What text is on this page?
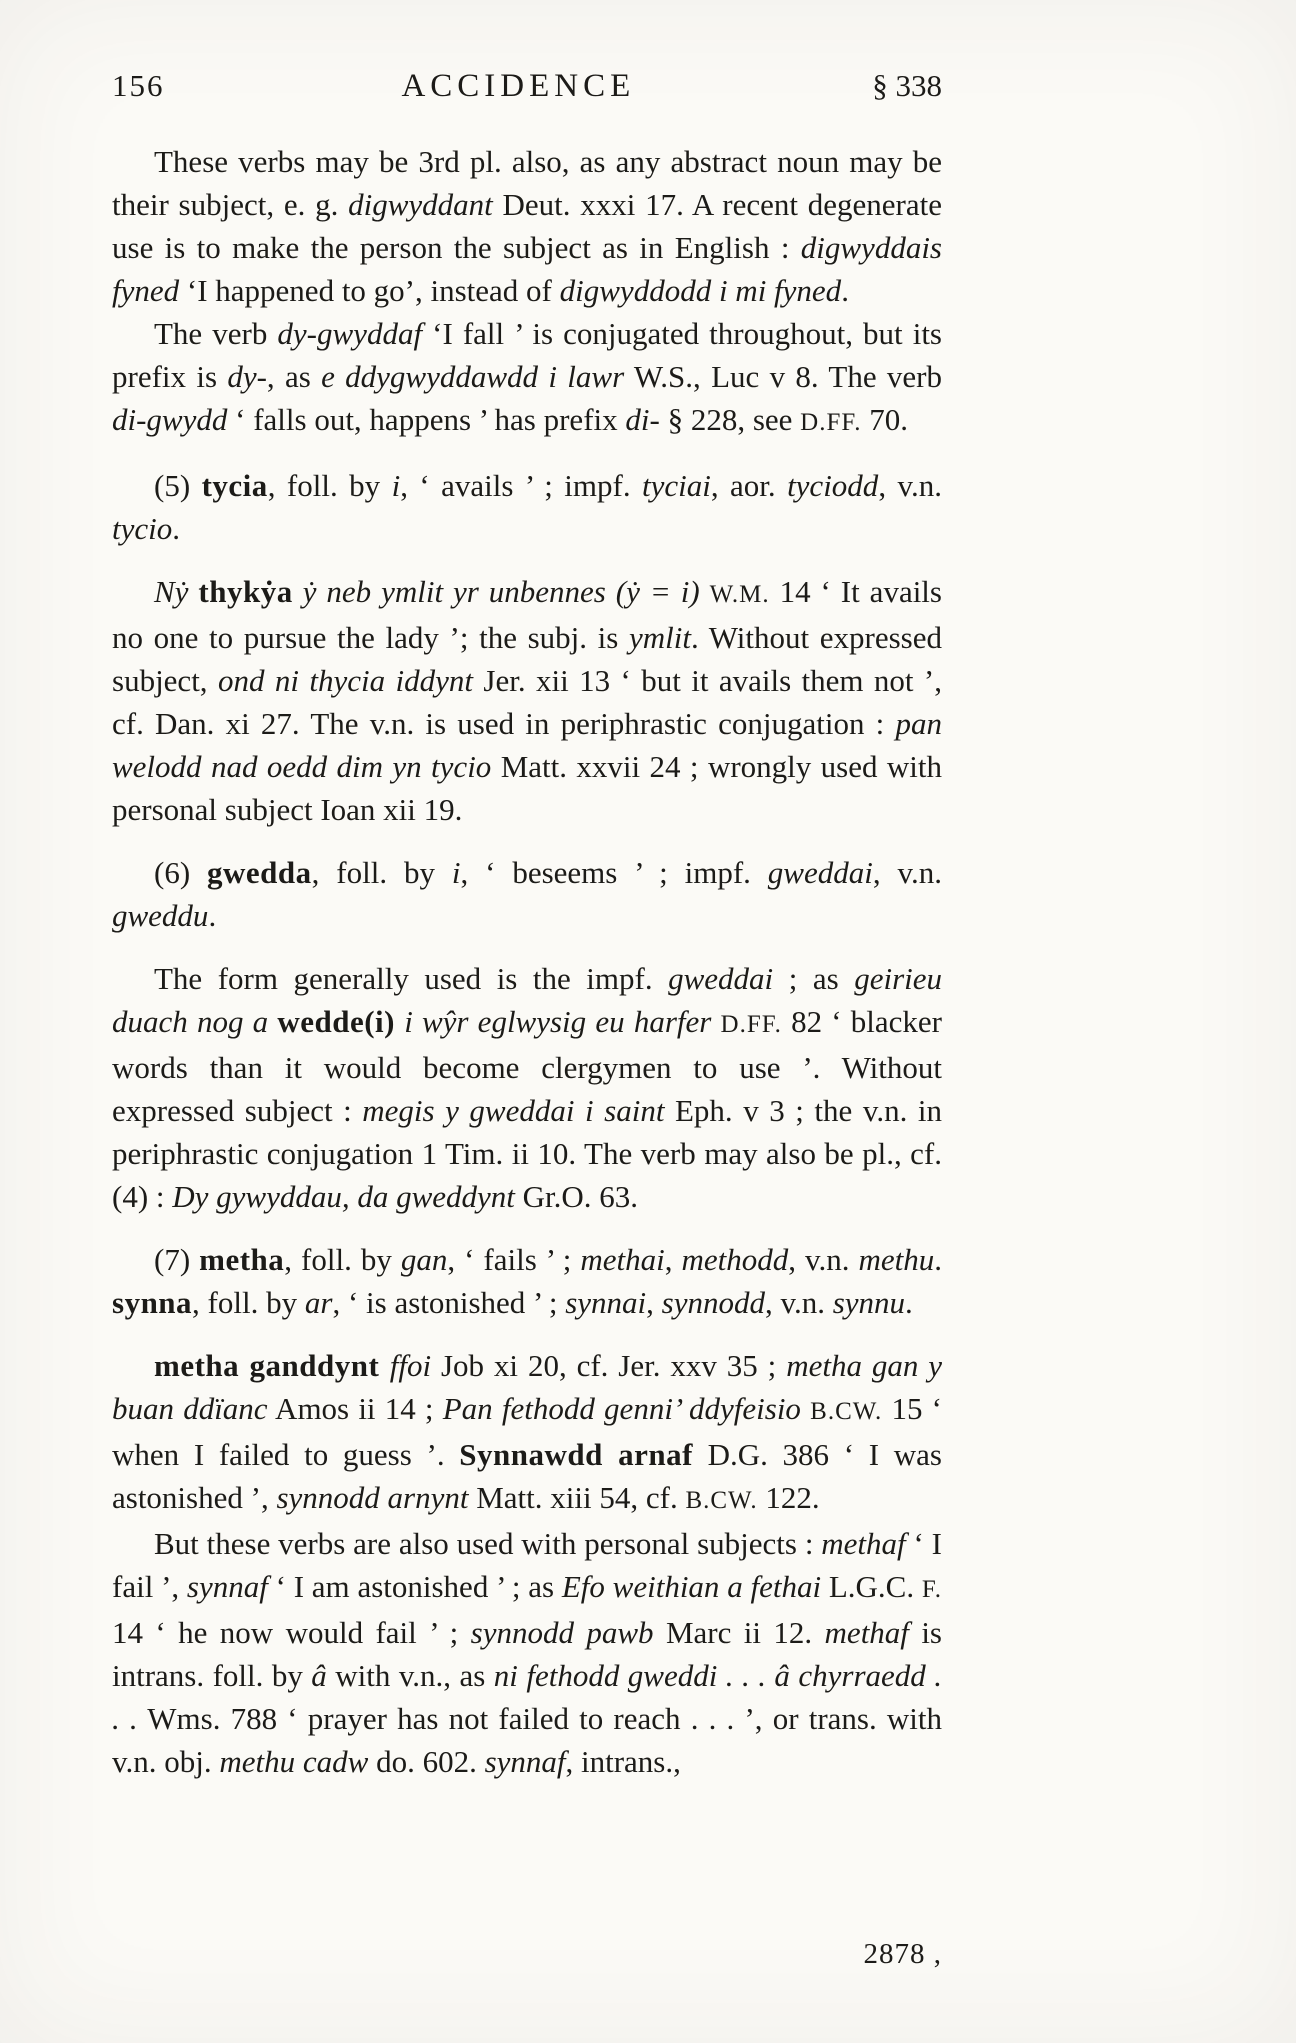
156	ACCIDENCE	§ 338

These verbs may be 3rd pl. also, as any abstract noun may be their subject, e. g. digwyddant Deut. xxxi 17. A recent degenerate use is to make the person the subject as in English : digwyddais fyned ‘I happened to go’, instead of digwyddodd i mi fyned.

The verb dy-gwyddaf ‘I fall ’ is conjugated throughout, but its prefix is dy-, as e ddygwyddawdd i lawr W.S., Luc v 8. The verb di-gwydd ‘ falls out, happens ’ has prefix di- § 228, see D.FF. 70.

(5) tycia, foll. by i, ‘ avails ’ ; impf. tyciai, aor. tyciodd, v.n. tycio.

Nẏ thykẏa ẏ neb ymlit yr unbennes (ẏ = i) W.M. 14 ‘ It avails no one to pursue the lady ’; the subj. is ymlit. Without expressed subject, ond ni thycia iddynt Jer. xii 13 ‘ but it avails them not ’, cf. Dan. xi 27. The v.n. is used in periphrastic conjugation : pan welodd nad oedd dim yn tycio Matt. xxvii 24 ; wrongly used with personal subject Ioan xii 19.

(6) gwedda, foll. by i, ‘ beseems ’ ; impf. gweddai, v.n. gweddu.

The form generally used is the impf. gweddai ; as geirieu duach nog a wedde(i) i wŷr eglwysig eu harfer D.FF. 82 ‘ blacker words than it would become clergymen to use ’. Without expressed subject : megis y gweddai i saint Eph. v 3 ; the v.n. in periphrastic conjugation 1 Tim. ii 10. The verb may also be pl., cf. (4) : Dy gywyddau, da gweddynt Gr.O. 63.

(7) metha, foll. by gan, ‘ fails ’ ; methai, methodd, v.n. methu. synna, foll. by ar, ‘ is astonished ’ ; synnai, synnodd, v.n. synnu.

metha ganddynt ffoi Job xi 20, cf. Jer. xxv 35 ; metha gan y buan ddïanc Amos ii 14 ; Pan fethodd genni’ ddyfeisio B.CW. 15 ‘ when I failed to guess ’. Synnawdd arnaf D.G. 386 ‘ I was astonished ’, synnodd arnynt Matt. xiii 54, cf. B.CW. 122.

But these verbs are also used with personal subjects : methaf ‘ I fail ’, synnaf ‘ I am astonished ’ ; as Efo weithian a fethai L.G.C. F. 14 ‘ he now would fail ’ ; synnodd pawb Marc ii 12. methaf is intrans. foll. by â with v.n., as ni fethodd gweddi . . . â chyrraedd . . . Wms. 788 ‘ prayer has not failed to reach . . . ’, or trans. with v.n. obj. methu cadw do. 602. synnaf, intrans.,

2878 ,
